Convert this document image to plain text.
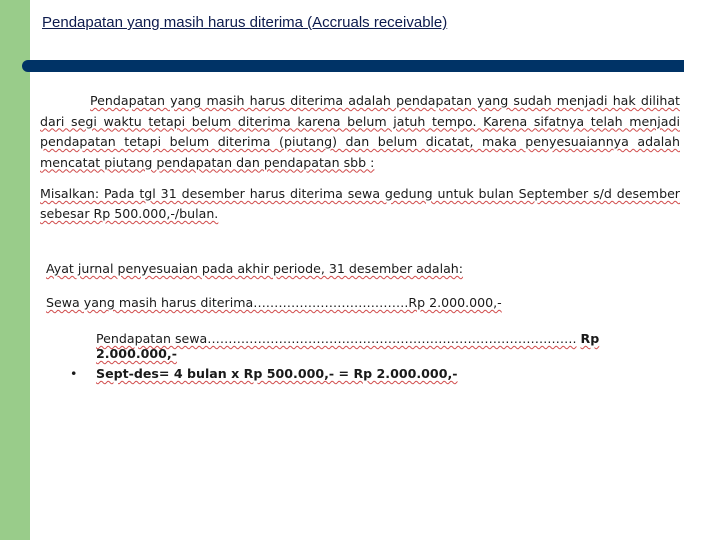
Pendapatan yang masih harus diterima (Accruals receivable)
Pendapatan yang masih harus diterima adalah pendapatan yang sudah menjadi hak dilihat dari segi waktu tetapi belum diterima karena belum jatuh tempo. Karena sifatnya telah menjadi pendapatan tetapi belum diterima (piutang) dan belum dicatat, maka penyesuaiannya adalah mencatat piutang pendapatan dan pendapatan sbb :
Misalkan: Pada tgl 31 desember harus diterima sewa gedung untuk bulan September s/d desember sebesar Rp 500.000,-/bulan.
Ayat jurnal penyesuaian pada akhir periode, 31 desember adalah:
Sewa yang masih harus diterima……………………………….Rp 2.000.000,-
Pendapatan sewa……………………………………………………………………………. Rp 2.000.000,-
• Sept-des= 4 bulan x Rp 500.000,- = Rp 2.000.000,-
